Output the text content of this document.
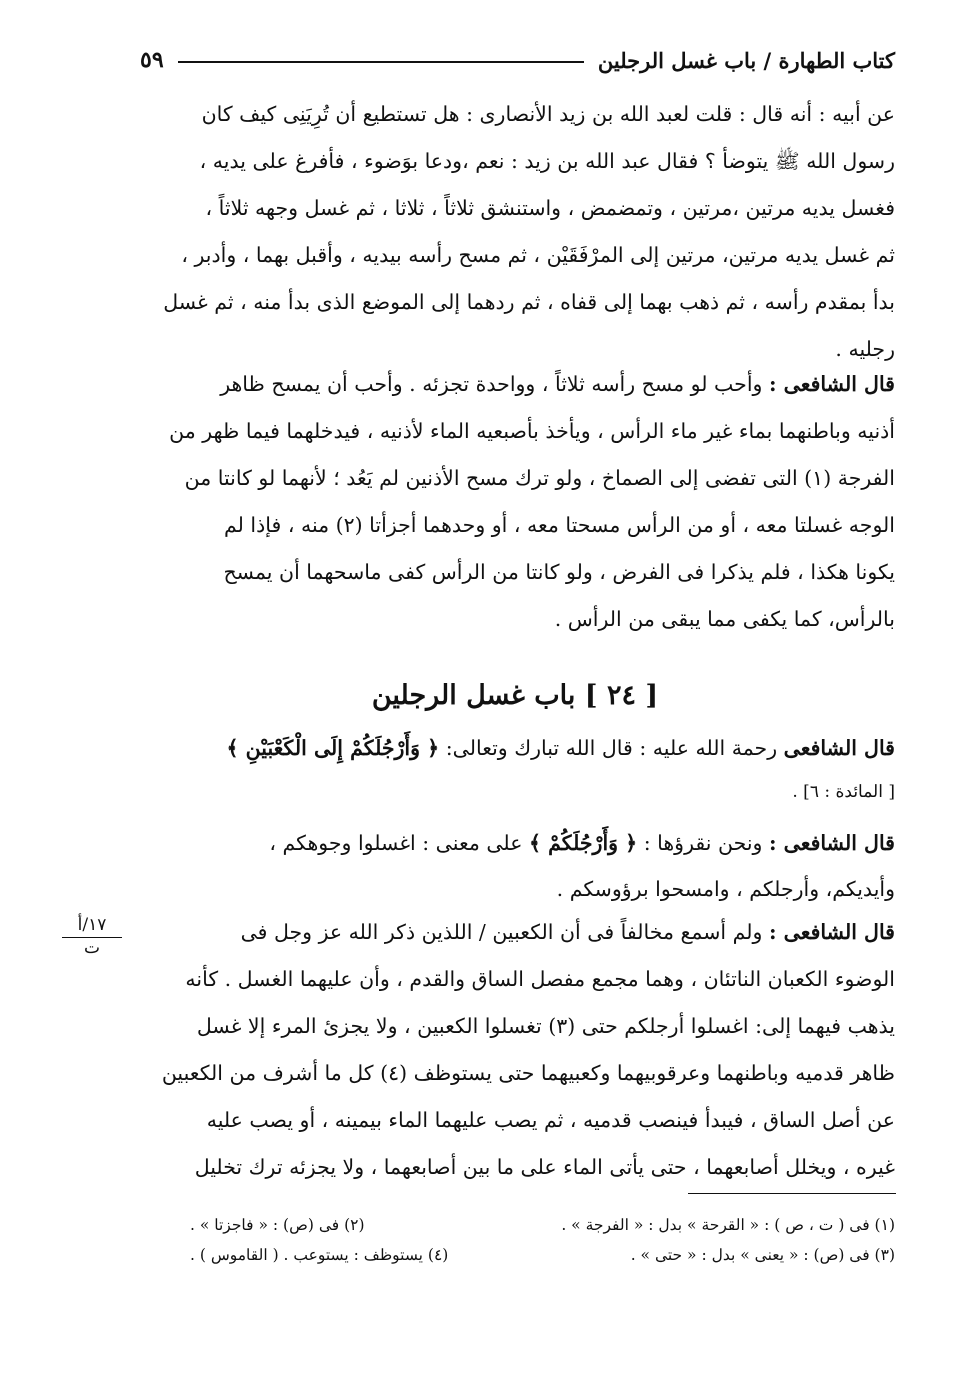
كتاب الطهارة / باب غسل الرجلين
٥٩

عن أبيه : أنه قال : قلت لعبد الله بن زيد الأنصارى : هل تستطيع أن تُرِيَنِى كيف كان

رسول الله ﷺ يتوضأ ؟ فقال عبد الله بن زيد : نعم ،ودعا بوَضوء ، فأفرغ على يديه ،

فغسل يديه مرتين ،مرتين ، وتمضمض ، واستنشق ثلاثاً ، ثلاثا ، ثم غسل وجهه ثلاثاً ،

ثم غسل يديه مرتين، مرتين إلى المرْفَقَيْن ، ثم مسح رأسه بيديه ، وأقبل بهما ، وأدبر ،

بدأ بمقدم رأسه ، ثم ذهب بهما إلى قفاه ، ثم ردهما إلى الموضع الذى بدأ منه ، ثم غسل

رجليه .

قال الشافعى : وأحب لو مسح رأسه ثلاثاً ، وواحدة تجزئه . وأحب أن يمسح ظاهر

أذنيه وباطنهما بماء غير ماء الرأس ، ويأخذ بأصبعيه الماء لأذنيه ، فيدخلهما فيما ظهر من

الفرجة (١) التى تفضى إلى الصماخ ، ولو ترك مسح الأذنين لم يَعُد ؛ لأنهما لو كانتا من

الوجه غسلتا معه ، أو من الرأس مسحتا معه ، أو وحدهما أجزأتا (٢) منه ، فإذا لم

يكونا هكذا ، فلم يذكرا فى الفرض ، ولو كانتا من الرأس كفى ماسحهما أن يمسح

بالرأس، كما يكفى مما يبقى من الرأس .

[ ٢٤ ] باب غسل الرجلين

قال الشافعى رحمة الله عليه : قال الله تبارك وتعالى: ﴿ وَأَرْجُلَكُمْ إِلَى الْكَعْبَيْنِ ﴾

[ المائدة : ٦] .

قال الشافعى : ونحن نقرؤها : ﴿ وَأَرْجُلَكُمْ ﴾ على معنى : اغسلوا وجوهكم ،

وأيديكم، وأرجلكم ، وامسحوا برؤوسكم .

قال الشافعى : ولم أسمع مخالفاً فى أن الكعبين / اللذين ذكر الله عز وجل فى

الوضوء الكعبان الناتئان ، وهما مجمع مفصل الساق والقدم ، وأن عليهما الغسل . كأنه

يذهب فيهما إلى: اغسلوا أرجلكم حتى (٣) تغسلوا الكعبين ، ولا يجزئ المرء إلا غسل

ظاهر قدميه وباطنهما وعرقوبيهما وكعبيهما حتى يستوظف (٤) كل ما أشرف من الكعبين

عن أصل الساق ، فيبدأ فينصب قدميه ، ثم يصب عليهما الماء بيمينه ، أو يصب عليه

غيره ، ويخلل أصابعهما ، حتى يأتى الماء على ما بين أصابعهما ، ولا يجزئه ترك تخليل

١٧/أ
ت
(١) فى ( ت ، ص ) : « القرحة » بدل : « الفرجة » .
(٢) فى (ص) : « فاجزتا » .
(٣) فى (ص) : « يعنى » بدل : « حتى » .
(٤) يستوظف : يستوعب . ( القاموس ) .
